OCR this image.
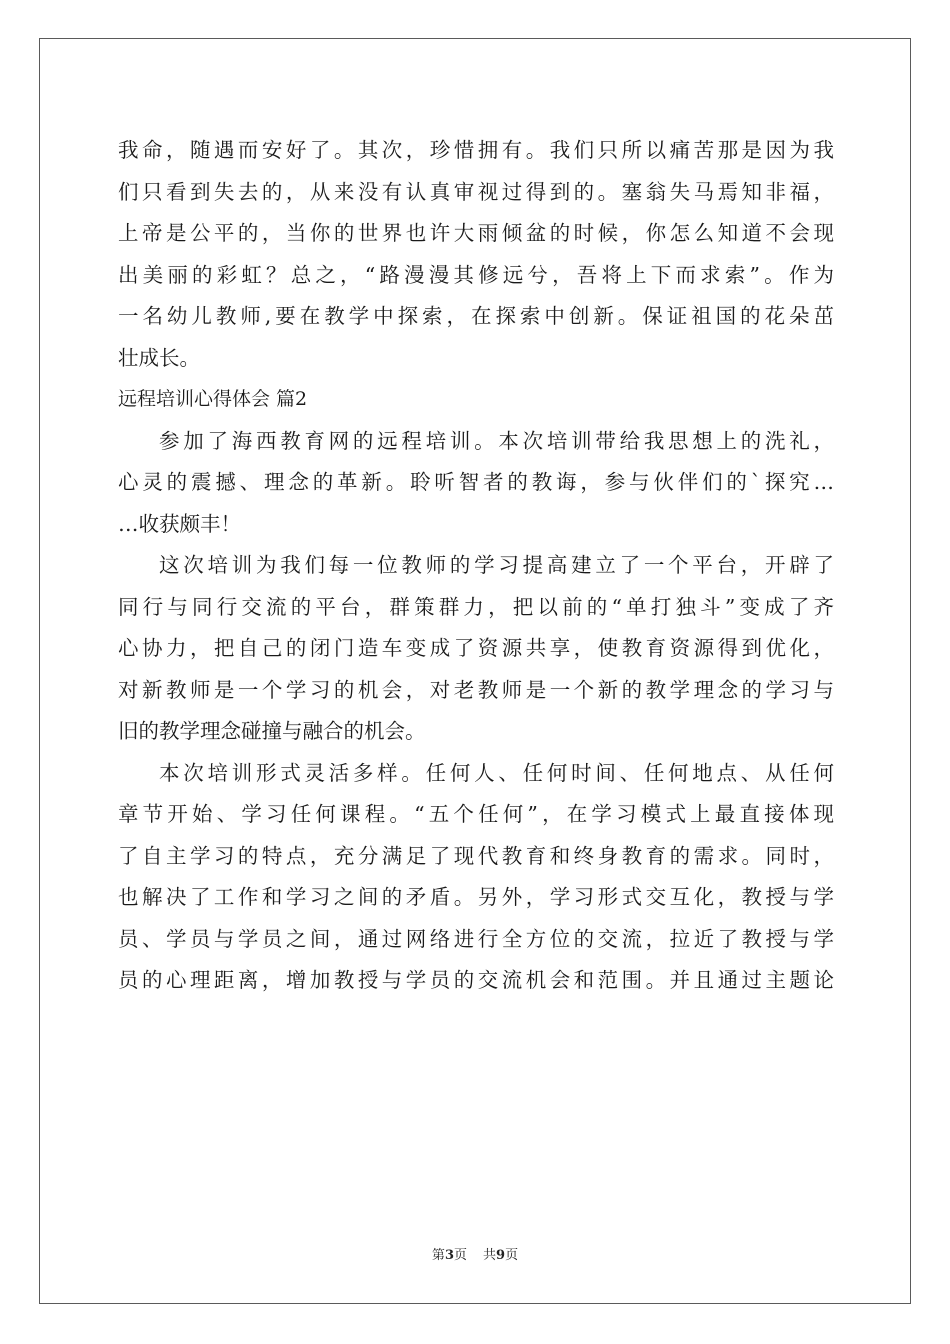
我命，随遇而安好了。其次，珍惜拥有。我们只所以痛苦那是因为我
们只看到失去的，从来没有认真审视过得到的。塞翁失马焉知非福，
上帝是公平的，当你的世界也许大雨倾盆的时候，你怎么知道不会现
出美丽的彩虹？总之，“路漫漫其修远兮，吾将上下而求索”。作为
一名幼儿教师,要在教学中探索，在探索中创新。保证祖国的花朵茁
壮成长。
远程培训心得体会 篇2
参加了海西教育网的远程培训。本次培训带给我思想上的洗礼，
心灵的震撼、理念的革新。聆听智者的教诲，参与伙伴们的`探究…
…收获颇丰！
这次培训为我们每一位教师的学习提高建立了一个平台，开辟了
同行与同行交流的平台，群策群力，把以前的“单打独斗”变成了齐
心协力，把自己的闭门造车变成了资源共享，使教育资源得到优化，
对新教师是一个学习的机会，对老教师是一个新的教学理念的学习与
旧的教学理念碰撞与融合的机会。
本次培训形式灵活多样。任何人、任何时间、任何地点、从任何
章节开始、学习任何课程。“五个任何”，在学习模式上最直接体现
了自主学习的特点，充分满足了现代教育和终身教育的需求。同时，
也解决了工作和学习之间的矛盾。另外，学习形式交互化，教授与学
员、学员与学员之间，通过网络进行全方位的交流，拉近了教授与学
员的心理距离，增加教授与学员的交流机会和范围。并且通过主题论
第3页 共9页
